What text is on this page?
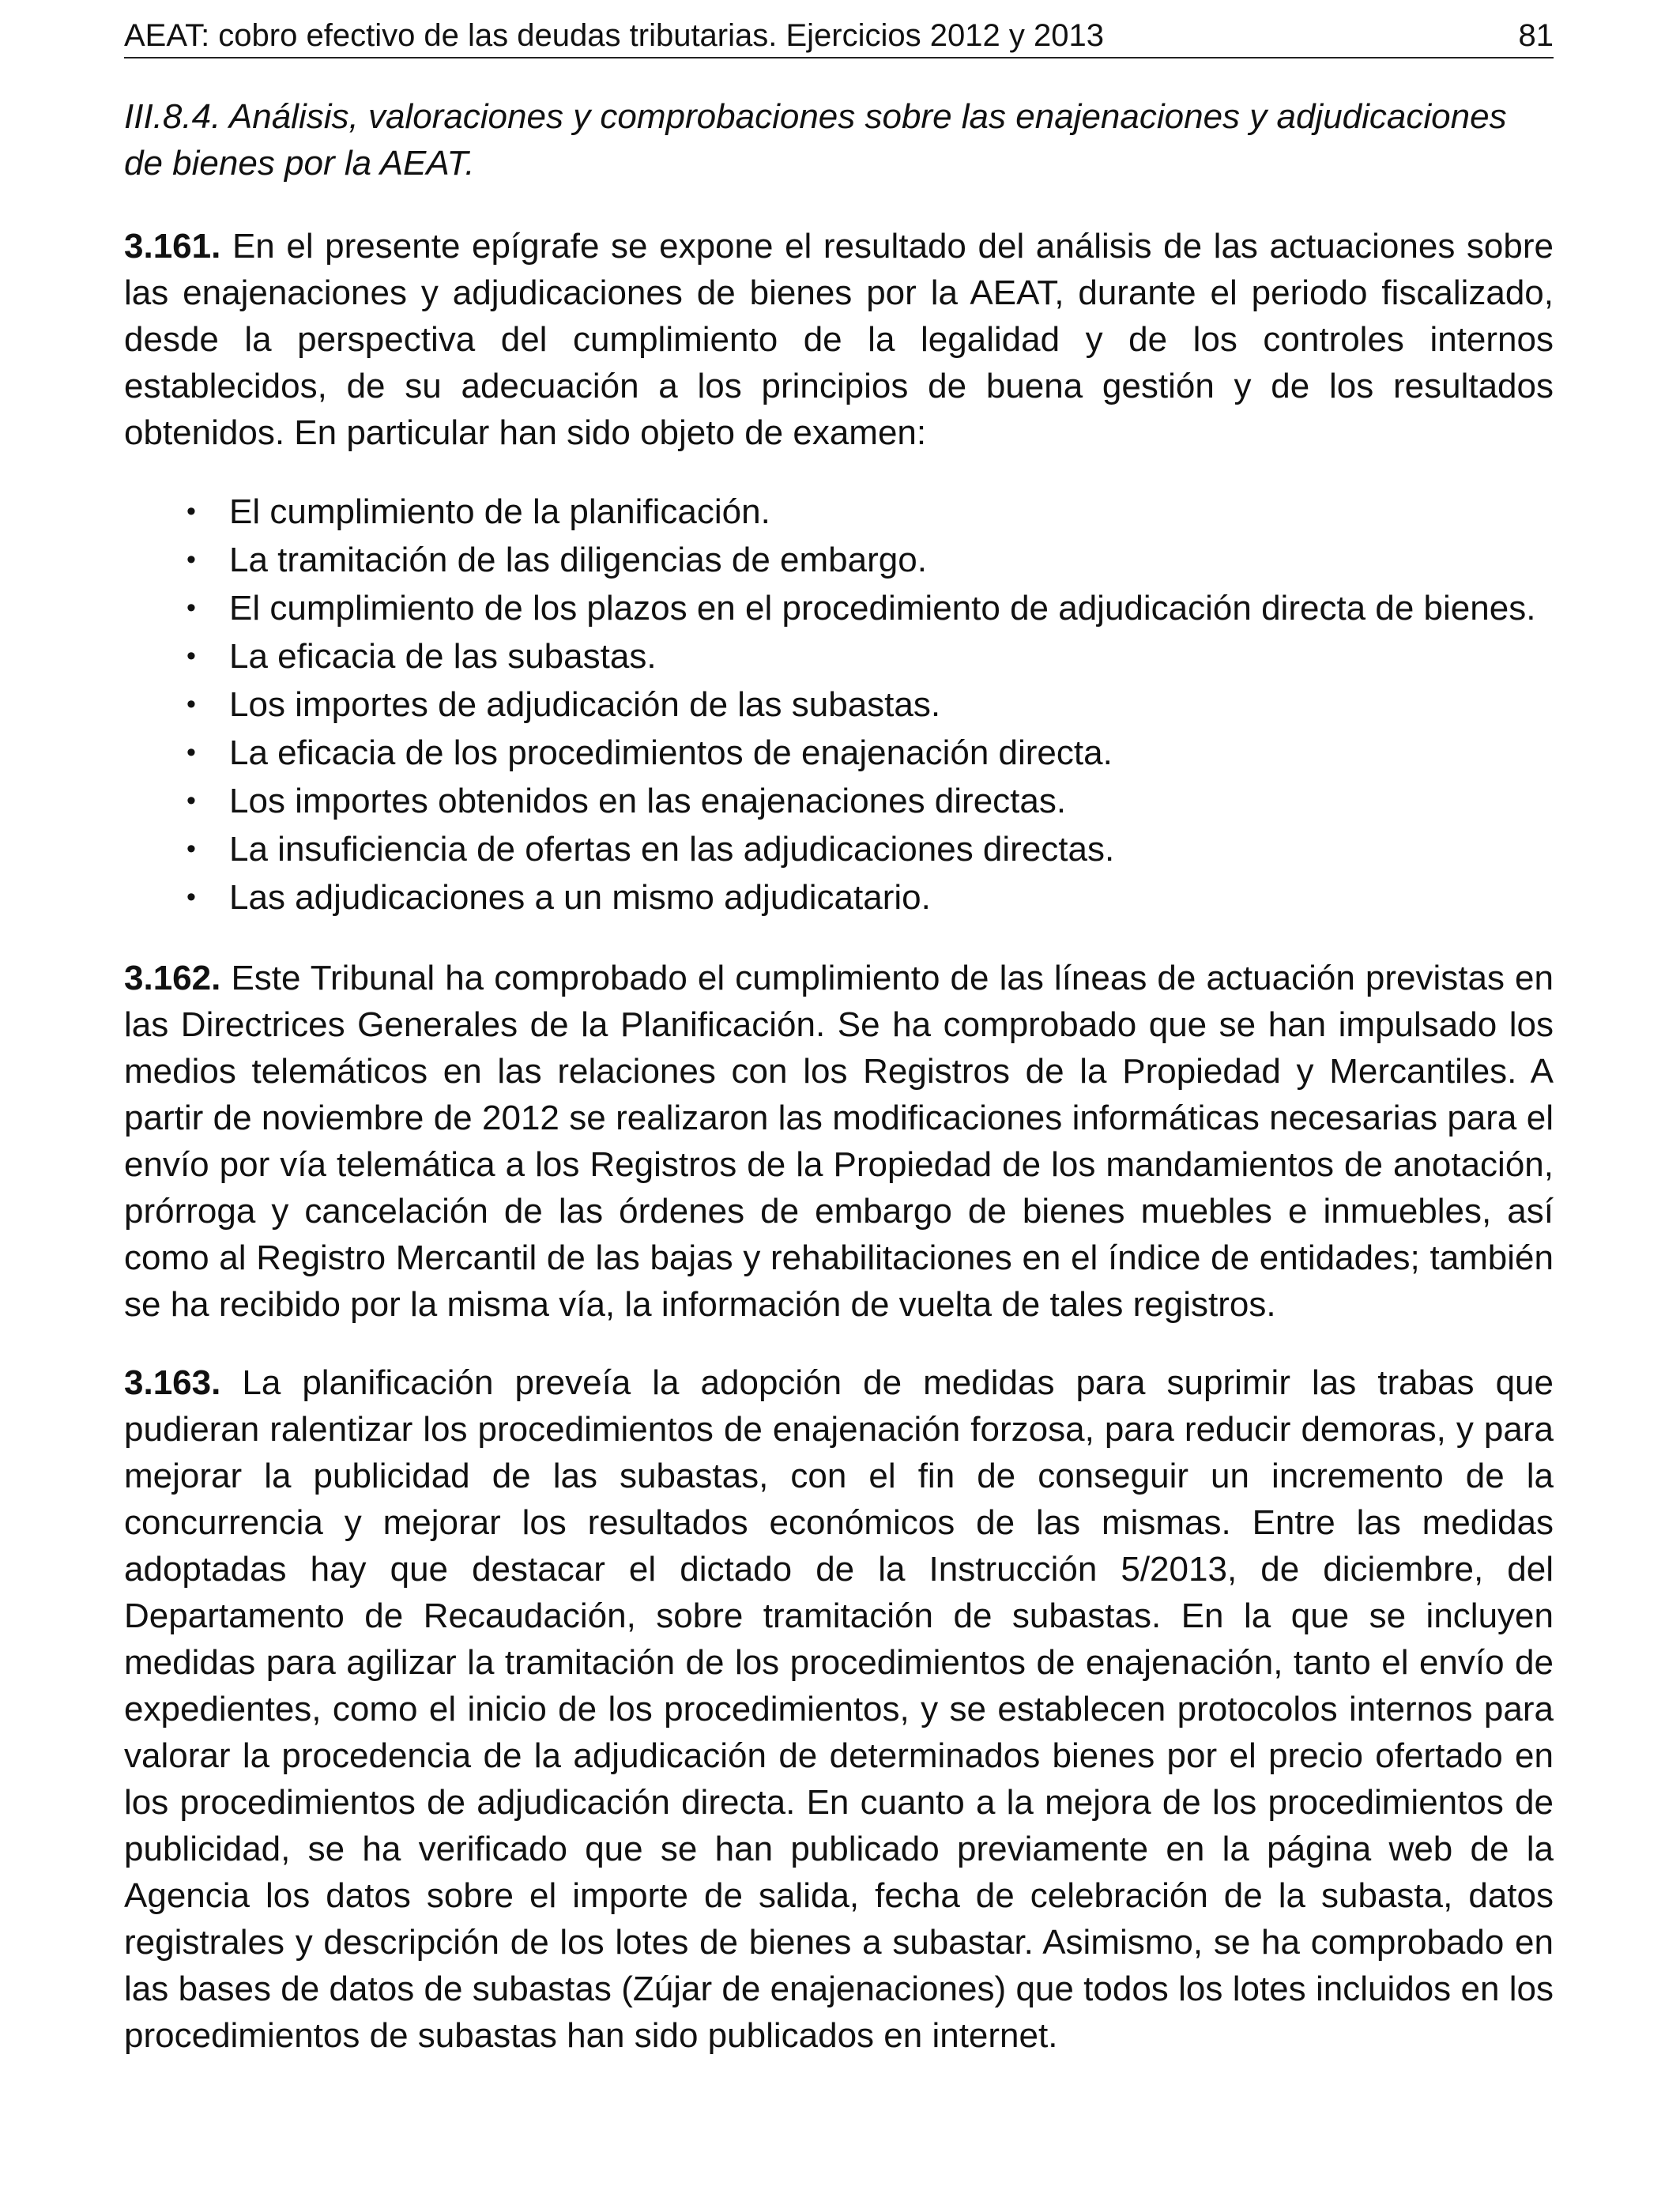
AEAT: cobro efectivo de las deudas tributarias. Ejercicios 2012 y 2013	81
III.8.4. Análisis, valoraciones y comprobaciones sobre las enajenaciones y adjudicaciones de bienes por la AEAT.

3.161. En el presente epígrafe se expone el resultado del análisis de las actuaciones sobre las enajenaciones y adjudicaciones de bienes por la AEAT, durante el periodo fiscalizado, desde la perspectiva del cumplimiento de la legalidad y de los controles internos establecidos, de su adecuación a los principios de buena gestión y de los resultados obtenidos. En particular han sido objeto de examen:

• El cumplimiento de la planificación.
• La tramitación de las diligencias de embargo.
• El cumplimiento de los plazos en el procedimiento de adjudicación directa de bienes.
• La eficacia de las subastas.
• Los importes de adjudicación de las subastas.
• La eficacia de los procedimientos de enajenación directa.
• Los importes obtenidos en las enajenaciones directas.
• La insuficiencia de ofertas en las adjudicaciones directas.
• Las adjudicaciones a un mismo adjudicatario.

3.162. Este Tribunal ha comprobado el cumplimiento de las líneas de actuación previstas en las Directrices Generales de la Planificación. Se ha comprobado que se han impulsado los medios telemáticos en las relaciones con los Registros de la Propiedad y Mercantiles. A partir de noviembre de 2012 se realizaron las modificaciones informáticas necesarias para el envío por vía telemática a los Registros de la Propiedad de los mandamientos de anotación, prórroga y cancelación de las órdenes de embargo de bienes muebles e inmuebles, así como al Registro Mercantil de las bajas y rehabilitaciones en el índice de entidades; también se ha recibido por la misma vía, la información de vuelta de tales registros.

3.163. La planificación preveía la adopción de medidas para suprimir las trabas que pudieran ralentizar los procedimientos de enajenación forzosa, para reducir demoras, y para mejorar la publicidad de las subastas, con el fin de conseguir un incremento de la concurrencia y mejorar los resultados económicos de las mismas. Entre las medidas adoptadas hay que destacar el dictado de la Instrucción 5/2013, de diciembre, del Departamento de Recaudación, sobre tramitación de subastas. En la que se incluyen medidas para agilizar la tramitación de los procedimientos de enajenación, tanto el envío de expedientes, como el inicio de los procedimientos, y se establecen protocolos internos para valorar la procedencia de la adjudicación de determinados bienes por el precio ofertado en los procedimientos de adjudicación directa. En cuanto a la mejora de los procedimientos de publicidad, se ha verificado que se han publicado previamente en la página web de la Agencia los datos sobre el importe de salida, fecha de celebración de la subasta, datos registrales y descripción de los lotes de bienes a subastar. Asimismo, se ha comprobado en las bases de datos de subastas (Zújar de enajenaciones) que todos los lotes incluidos en los procedimientos de subastas han sido publicados en internet.
